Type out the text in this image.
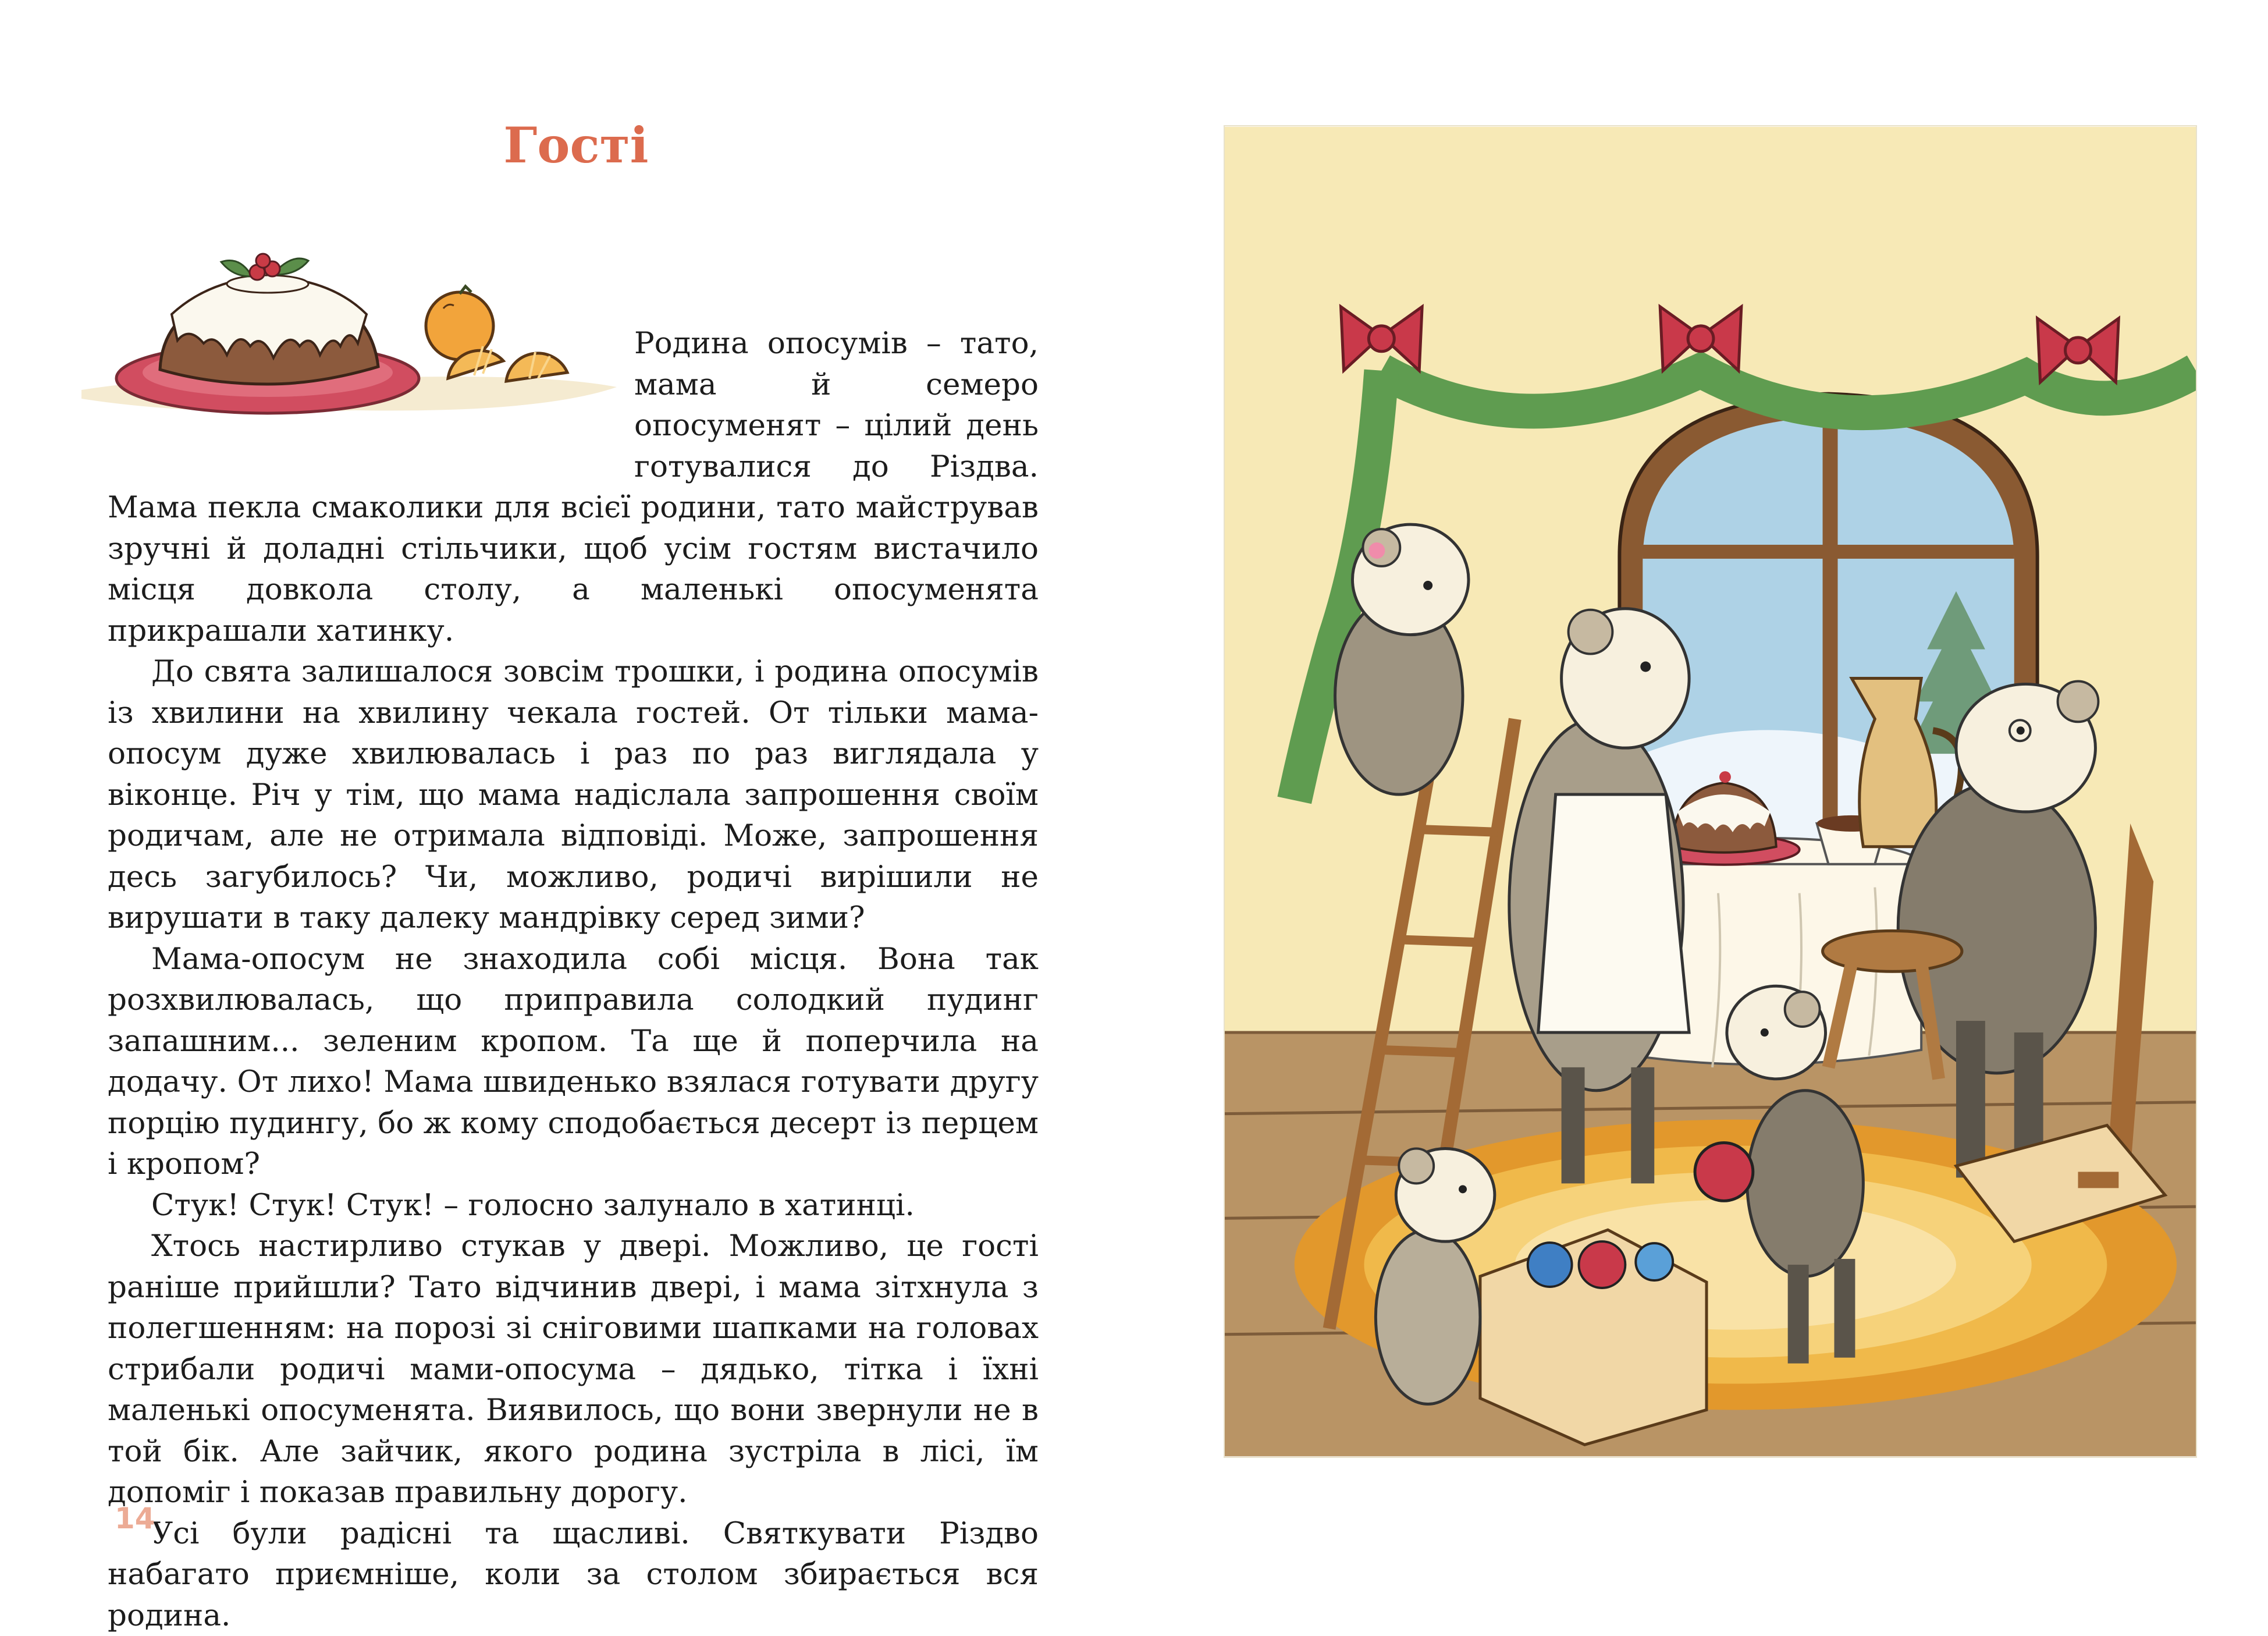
Гості

Родина опосумів – тато, мама й семеро опосуменят – цілий день готувалися до Різдва. Мама пекла смаколики для всієї родини, тато майстрував зручні й доладні стільчики, щоб усім гостям вистачило місця довкола столу, а маленькі опосуменята прикрашали хатинку.

До свята залишалося зовсім трошки, і родина опосумів із хвилини на хвилину чекала гостей. От тільки мама-опосум дуже хвилювалась і раз по раз виглядала у віконце. Річ у тім, що мама надіслала запрошення своїм родичам, але не отримала відповіді. Може, запрошення десь загубилось? Чи, можливо, родичі вирішили не вирушати в таку далеку мандрівку серед зими?

Мама-опосум не знаходила собі місця. Вона так розхвилювалась, що приправила солодкий пудинг запашним... зеленим кропом. Та ще й поперчила на додачу. От лихо! Мама швиденько взялася готувати другу порцію пудингу, бо ж кому сподобається десерт із перцем і кропом?

Стук! Стук! Стук! – голосно залунало в хатинці.

Хтось настирливо стукав у двері. Можливо, це гості раніше прийшли? Тато відчинив двері, і мама зітхнула з полегшенням: на порозі зі сніговими шапками на головах стрибали родичі мами-опосума – дядько, тітка і їхні маленькі опосуменята. Виявилось, що вони звернули не в той бік. Але зайчик, якого родина зустріла в лісі, їм допоміг і показав правильну дорогу.

Усі були радісні та щасливі. Святкувати Різдво набагато приємніше, коли за столом збирається вся родина.

14
